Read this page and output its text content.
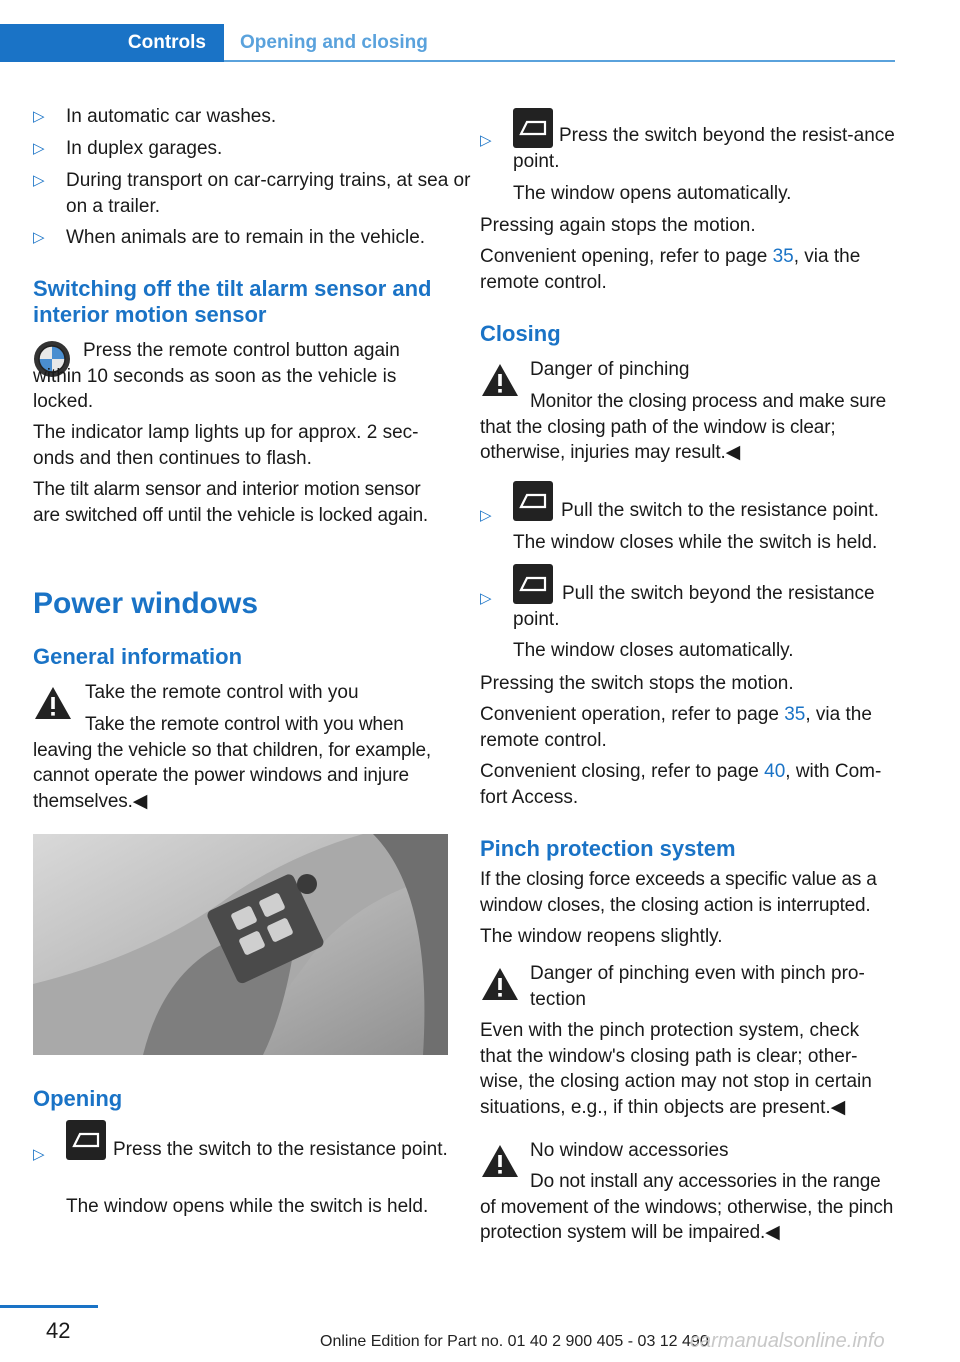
Controls	Opening and closing
▷ In automatic car washes.
▷ In duplex garages.
▷ During transport on car-carrying trains, at sea or on a trailer.
▷ When animals are to remain in the vehicle.
Switching off the tilt alarm sensor and interior motion sensor

Press the remote control button again within 10 seconds as soon as the vehicle is locked.

The indicator lamp lights up for approx. 2 sec‐onds and then continues to flash.

The tilt alarm sensor and interior motion sensor are switched off until the vehicle is locked again.

Power windows
General information

Take the remote control with you

Take the remote control with you when leaving the vehicle so that children, for example, cannot operate the power windows and injure themselves.◀

Opening
▷	Press the switch to the resistance point.

The window opens while the switch is held.

▷	Press the switch beyond the resist‐ance point.

The window opens automatically.

Pressing again stops the motion.

Convenient opening, refer to page 35, via the remote control.

Closing

Danger of pinching

Monitor the closing process and make sure that the closing path of the window is clear; otherwise, injuries may result.◀

▷	Pull the switch to the resistance point.

The window closes while the switch is held.

▷	Pull the switch beyond the resistance point.

The window closes automatically.

Pressing the switch stops the motion.

Convenient operation, refer to page 35, via the remote control.

Convenient closing, refer to page 40, with Com‐fort Access.

Pinch protection system

If the closing force exceeds a specific value as a window closes, the closing action is interrupted.

The window reopens slightly.

Danger of pinching even with pinch pro‐tection

Even with the pinch protection system, check that the window's closing path is clear; other‐wise, the closing action may not stop in certain situations, e.g., if thin objects are present.◀

No window accessories

Do not install any accessories in the range of movement of the windows; otherwise, the pinch protection system will be impaired.◀

42	Online Edition for Part no. 01 40 2 900 405 - 03 12 490
carmanualsonline.info
